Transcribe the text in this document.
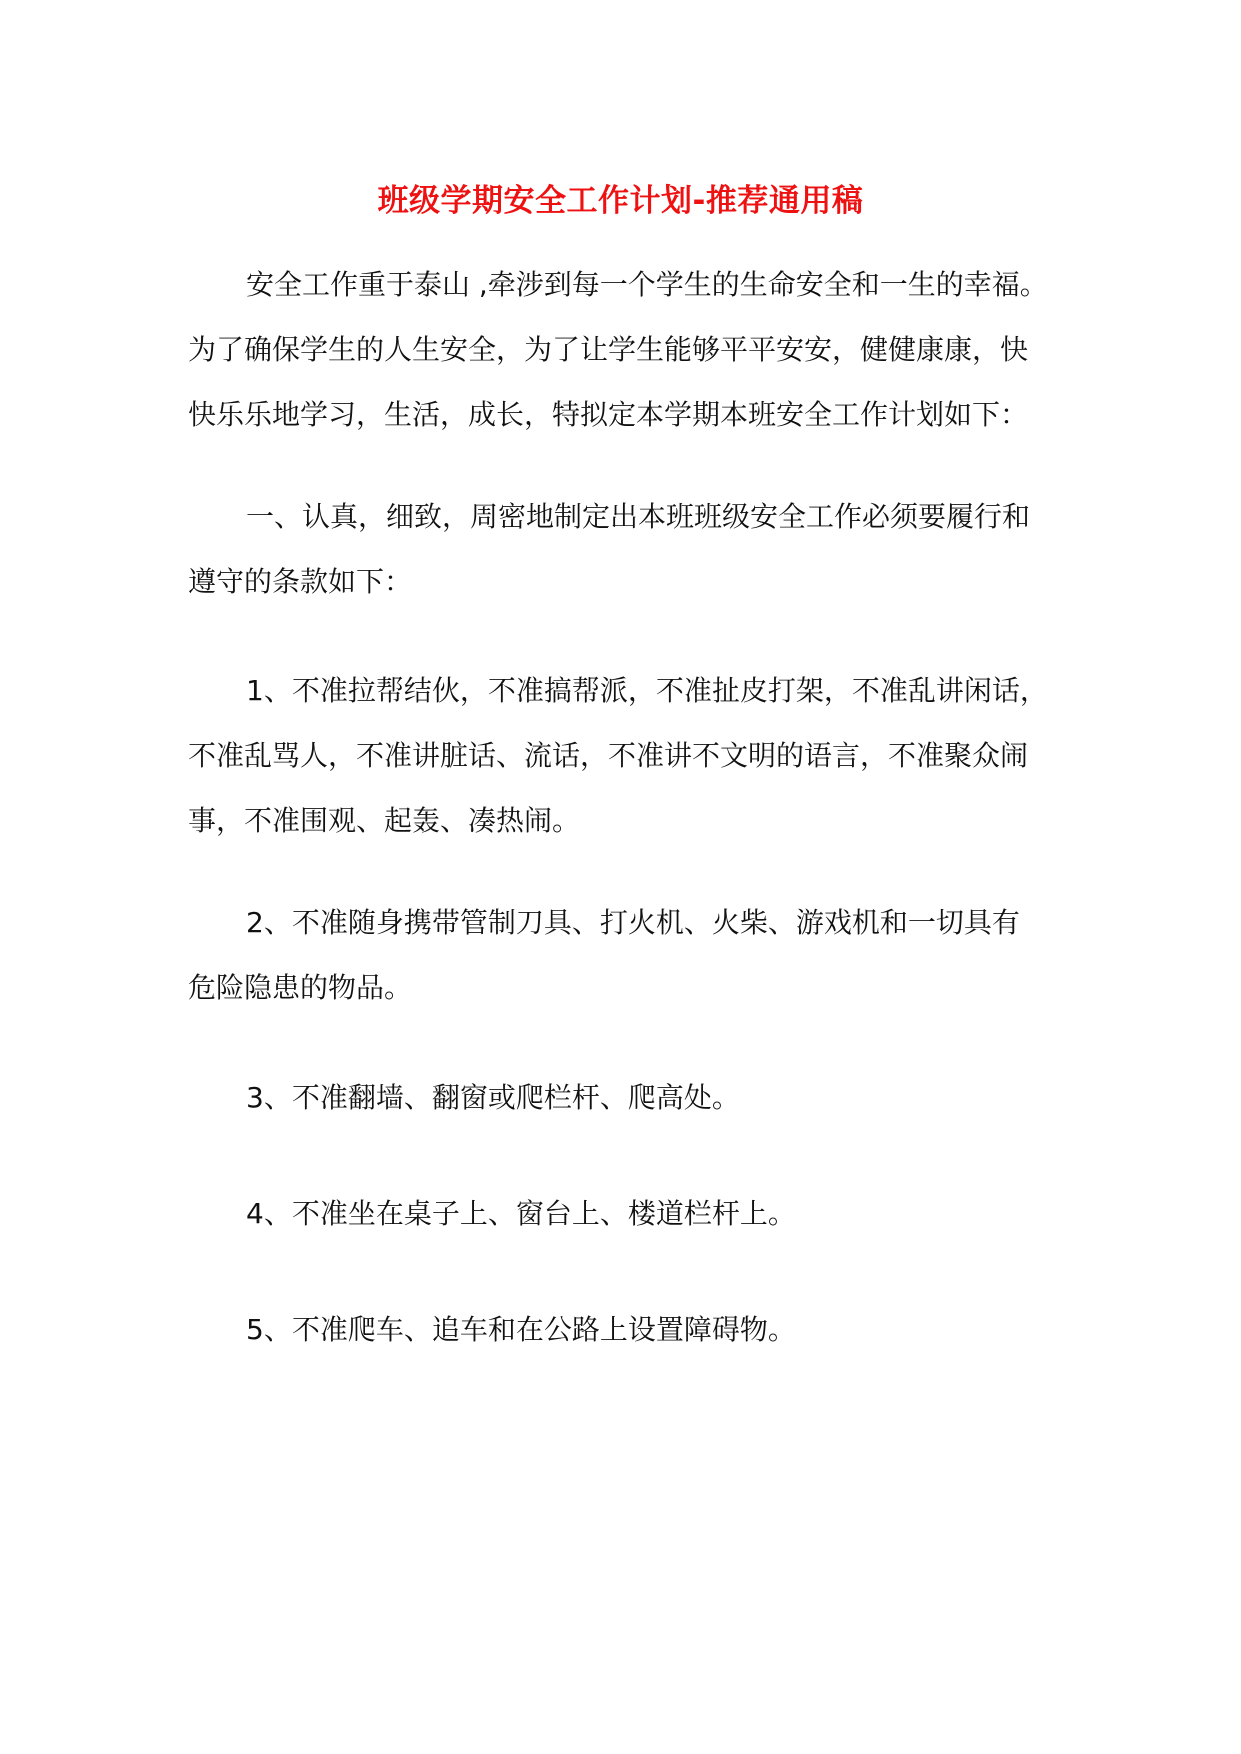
班级学期安全工作计划-推荐通用稿

安全工作重于泰山 ,牵涉到每一个学生的生命安全和一生的幸福。
为了确保学生的人生安全，为了让学生能够平平安安，健健康康，快
快乐乐地学习，生活，成长，特拟定本学期本班安全工作计划如下：

一、认真，细致，周密地制定出本班班级安全工作必须要履行和
遵守的条款如下：

1、不准拉帮结伙，不准搞帮派，不准扯皮打架，不准乱讲闲话，
不准乱骂人，不准讲脏话、流话，不准讲不文明的语言，不准聚众闹
事，不准围观、起轰、凑热闹。

2、不准随身携带管制刀具、打火机、火柴、游戏机和一切具有
危险隐患的物品。

3、不准翻墙、翻窗或爬栏杆、爬高处。

4、不准坐在桌子上、窗台上、楼道栏杆上。

5、不准爬车、追车和在公路上设置障碍物。
